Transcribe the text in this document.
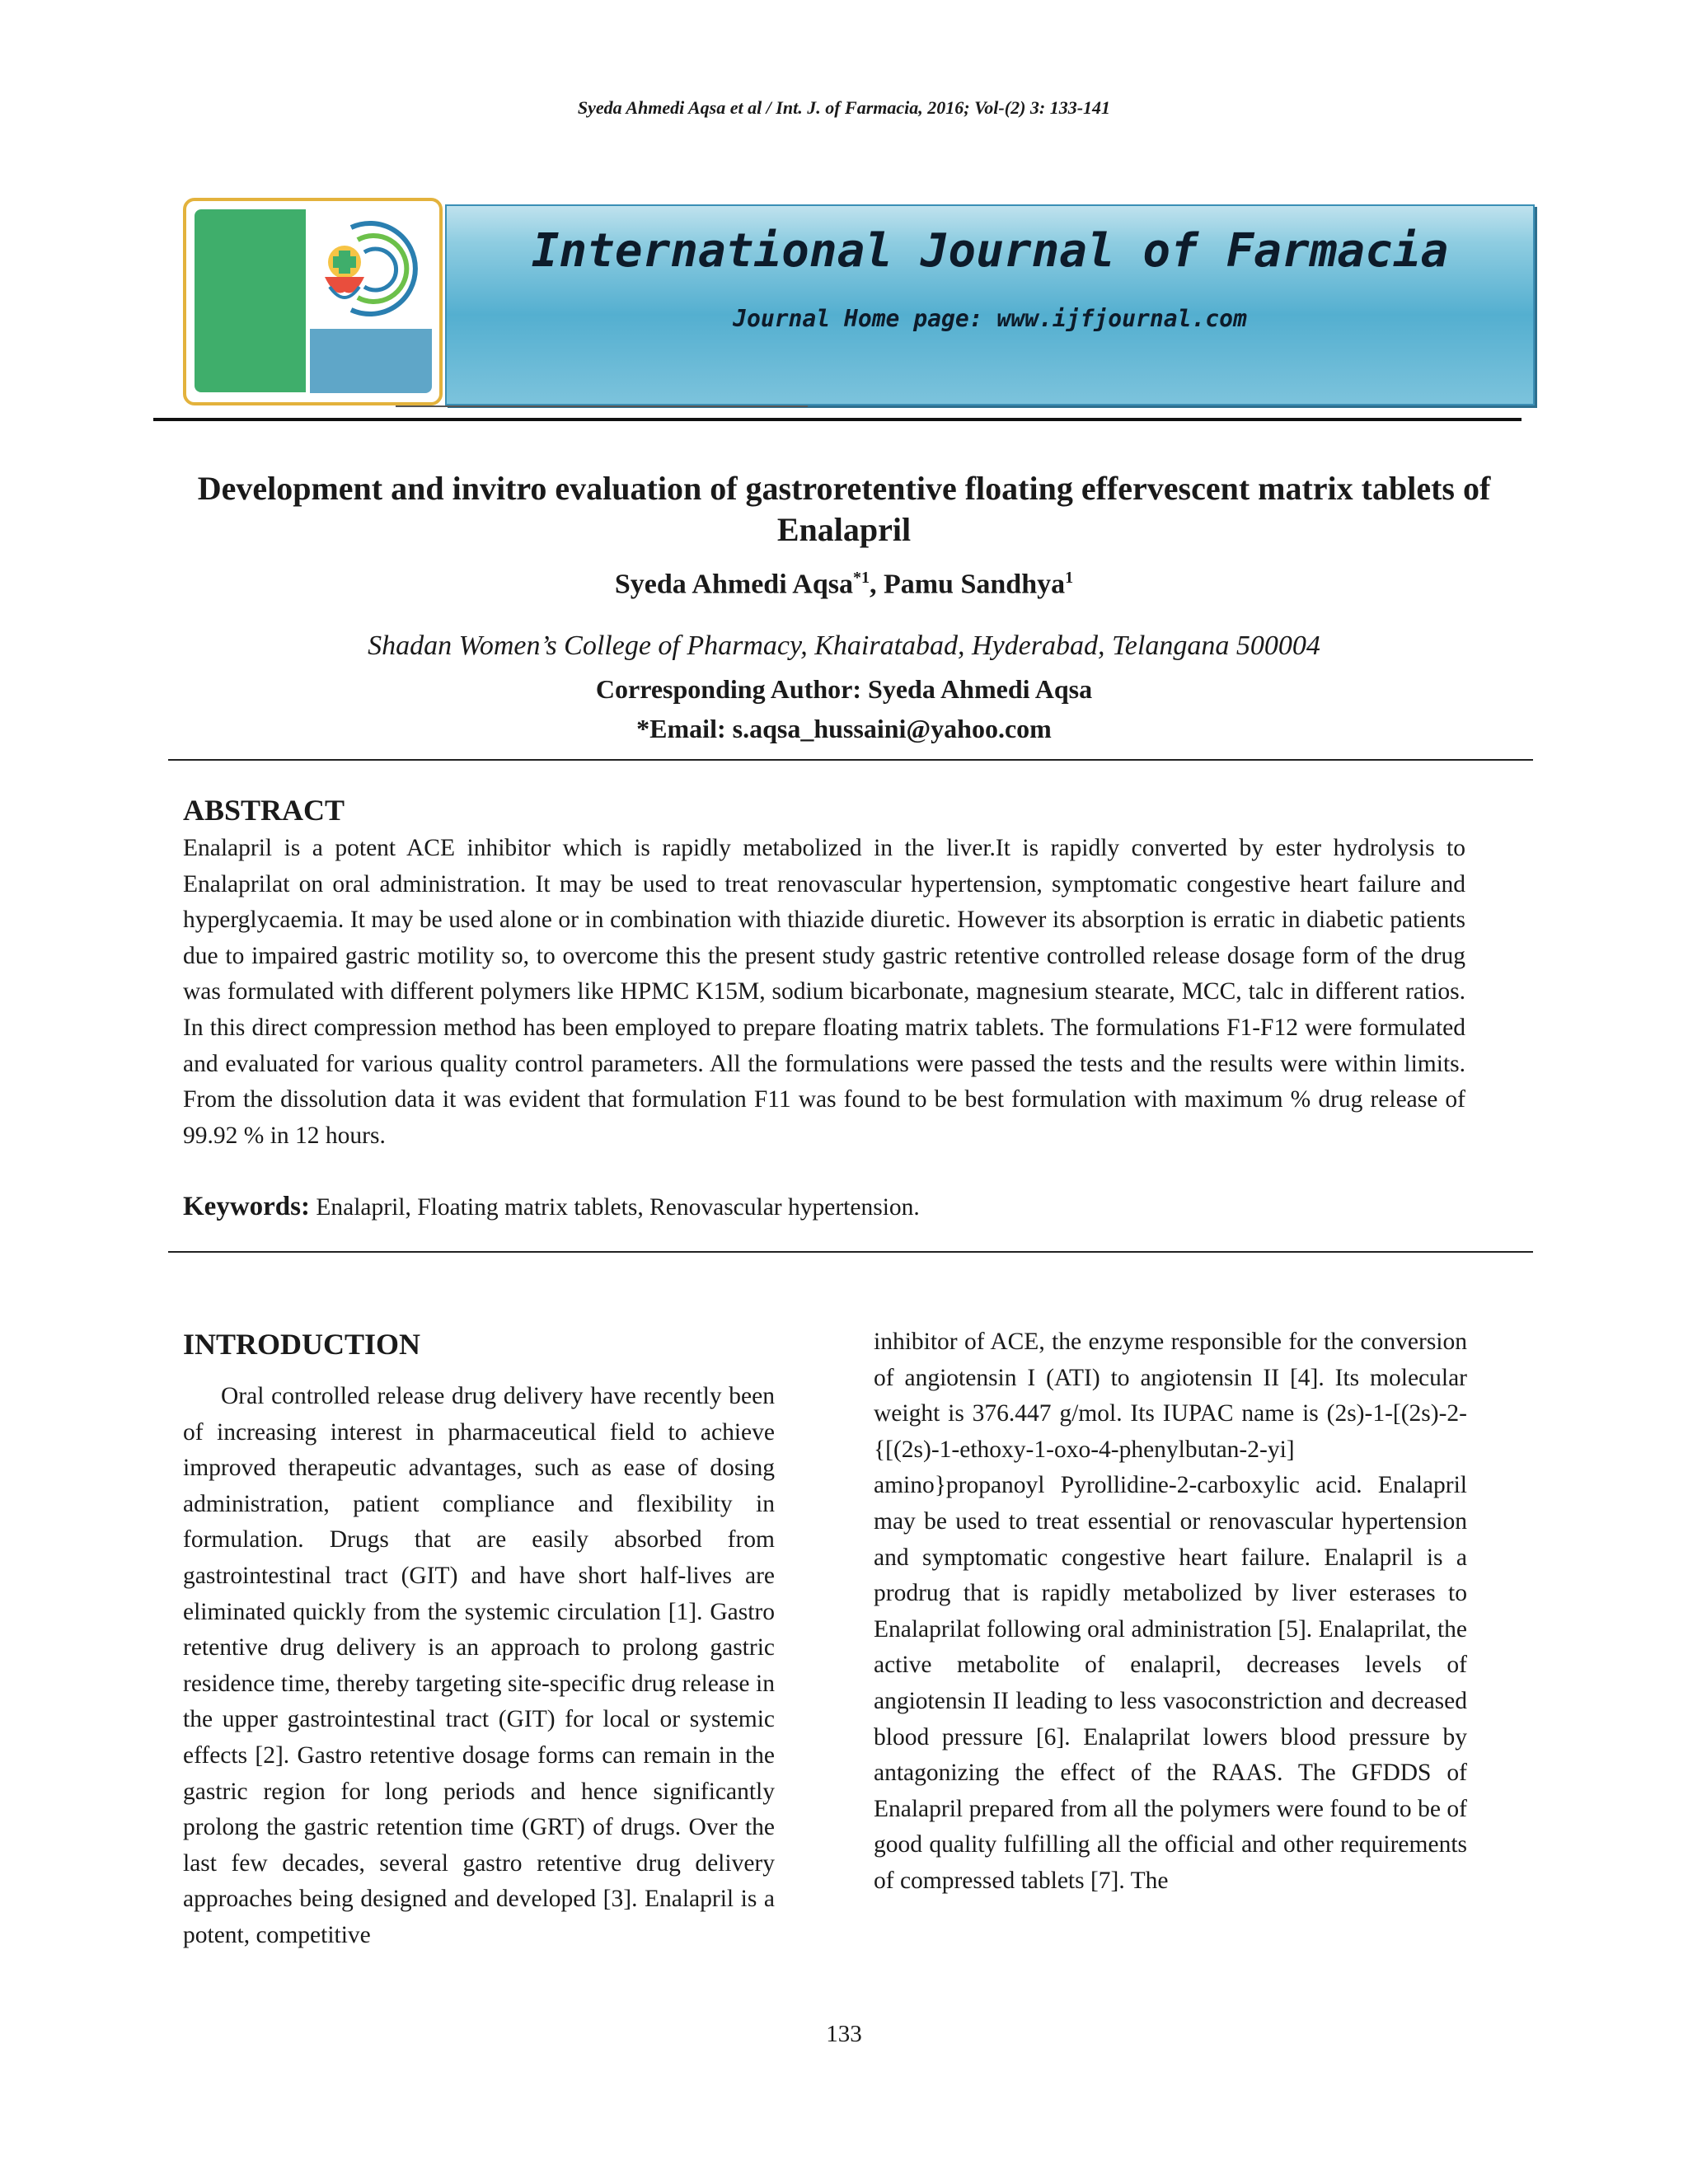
Syeda Ahmedi Aqsa et al / Int. J. of Farmacia, 2016; Vol-(2) 3: 133-141
International Journal of Farmacia
Journal Home page: www.ijfjournal.com
Development and invitro evaluation of gastroretentive floating effervescent matrix tablets of Enalapril
Syeda Ahmedi Aqsa$^{*1}$, Pamu Sandhya$^1$
Shadan Women’s College of Pharmacy, Khairatabad, Hyderabad, Telangana 500004
Corresponding Author: Syeda Ahmedi Aqsa
*Email: s.aqsa_hussaini@yahoo.com
ABSTRACT
Enalapril is a potent ACE inhibitor which is rapidly metabolized in the liver.It is rapidly converted by ester hydrolysis to Enalaprilat on oral administration. It may be used to treat renovascular hypertension, symptomatic congestive heart failure and hyperglycaemia. It may be used alone or in combination with thiazide diuretic. However its absorption is erratic in diabetic patients due to impaired gastric motility so, to overcome this the present study gastric retentive controlled release dosage form of the drug was formulated with different polymers like HPMC K15M, sodium bicarbonate, magnesium stearate, MCC, talc in different ratios. In this direct compression method has been employed to prepare floating matrix tablets. The formulations F1-F12 were formulated and evaluated for various quality control parameters. All the formulations were passed the tests and the results were within limits. From the dissolution data it was evident that formulation F11 was found to be best formulation with maximum % drug release of 99.92 % in 12 hours.
Keywords: Enalapril, Floating matrix tablets, Renovascular hypertension.
INTRODUCTION
Oral controlled release drug delivery have recently been of increasing interest in pharmaceutical field to achieve improved therapeutic advantages, such as ease of dosing administration, patient compliance and flexibility in formulation. Drugs that are easily absorbed from gastrointestinal tract (GIT) and have short half-lives are eliminated quickly from the systemic circulation [1]. Gastro retentive drug delivery is an approach to prolong gastric residence time, thereby targeting site-specific drug release in the upper gastrointestinal tract (GIT) for local or systemic effects [2]. Gastro retentive dosage forms can remain in the gastric region for long periods and hence significantly prolong the gastric retention time (GRT) of drugs. Over the last few decades, several gastro retentive drug delivery approaches being designed and developed [3]. Enalapril is a potent, competitive
inhibitor of ACE, the enzyme responsible for the conversion of angiotensin I (ATI) to angiotensin II [4]. Its molecular weight is 376.447 g/mol. Its IUPAC name is (2s)-1-[(2s)-2-{[(2s)-1-ethoxy-1-oxo-4-phenylbutan-2-yi] amino}propanoyl Pyrollidine-2-carboxylic acid. Enalapril may be used to treat essential or renovascular hypertension and symptomatic congestive heart failure. Enalapril is a prodrug that is rapidly metabolized by liver esterases to Enalaprilat following oral administration [5]. Enalaprilat, the active metabolite of enalapril, decreases levels of angiotensin II leading to less vasoconstriction and decreased blood pressure [6]. Enalaprilat lowers blood pressure by antagonizing the effect of the RAAS. The GFDDS of Enalapril prepared from all the polymers were found to be of good quality fulfilling all the official and other requirements of compressed tablets [7]. The
133
